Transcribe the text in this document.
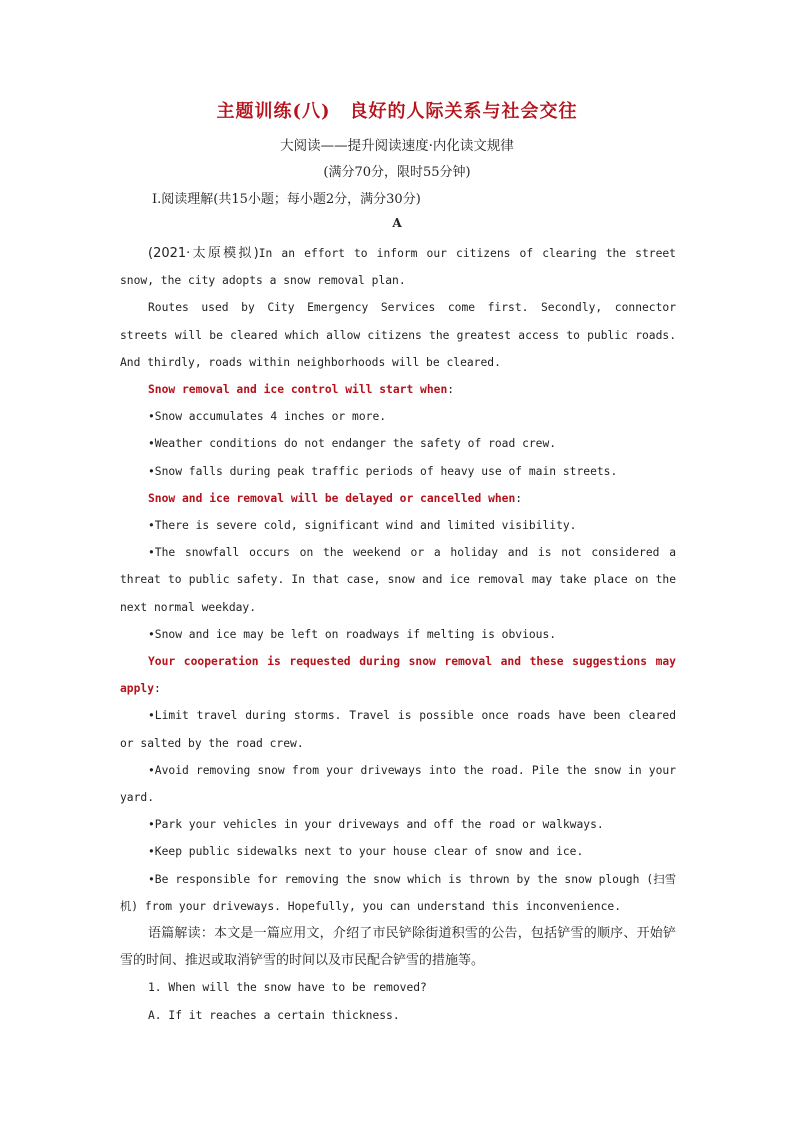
主题训练(八)　良好的人际关系与社会交往
大阅读——提升阅读速度·内化读文规律
(满分70分，限时55分钟)
Ⅰ.阅读理解(共15小题；每小题2分，满分30分)
A

(2021·太原模拟)In an effort to inform our citizens of clearing the street snow, the city adopts a snow removal plan.

Routes used by City Emergency Services come first. Secondly, connector streets will be cleared which allow citizens the greatest access to public roads. And thirdly, roads within neighborhoods will be cleared.

Snow removal and ice control will start when:

•Snow accumulates 4 inches or more.

•Weather conditions do not endanger the safety of road crew.

•Snow falls during peak traffic periods of heavy use of main streets.

Snow and ice removal will be delayed or cancelled when:

•There is severe cold, significant wind and limited visibility.

•The snowfall occurs on the weekend or a holiday and is not considered a threat to public safety. In that case, snow and ice removal may take place on the next normal weekday.

•Snow and ice may be left on roadways if melting is obvious.

Your cooperation is requested during snow removal and these suggestions may apply:

•Limit travel during storms. Travel is possible once roads have been cleared or salted by the road crew.

•Avoid removing snow from your driveways into the road. Pile the snow in your yard.

•Park your vehicles in your driveways and off the road or walkways.

•Keep public sidewalks next to your house clear of snow and ice.

•Be responsible for removing the snow which is thrown by the snow plough (扫雪机) from your driveways. Hopefully, you can understand this inconvenience.

语篇解读：本文是一篇应用文，介绍了市民铲除街道积雪的公告，包括铲雪的顺序、开始铲雪的时间、推迟或取消铲雪的时间以及市民配合铲雪的措施等。

1. When will the snow have to be removed?

A. If it reaches a certain thickness.
